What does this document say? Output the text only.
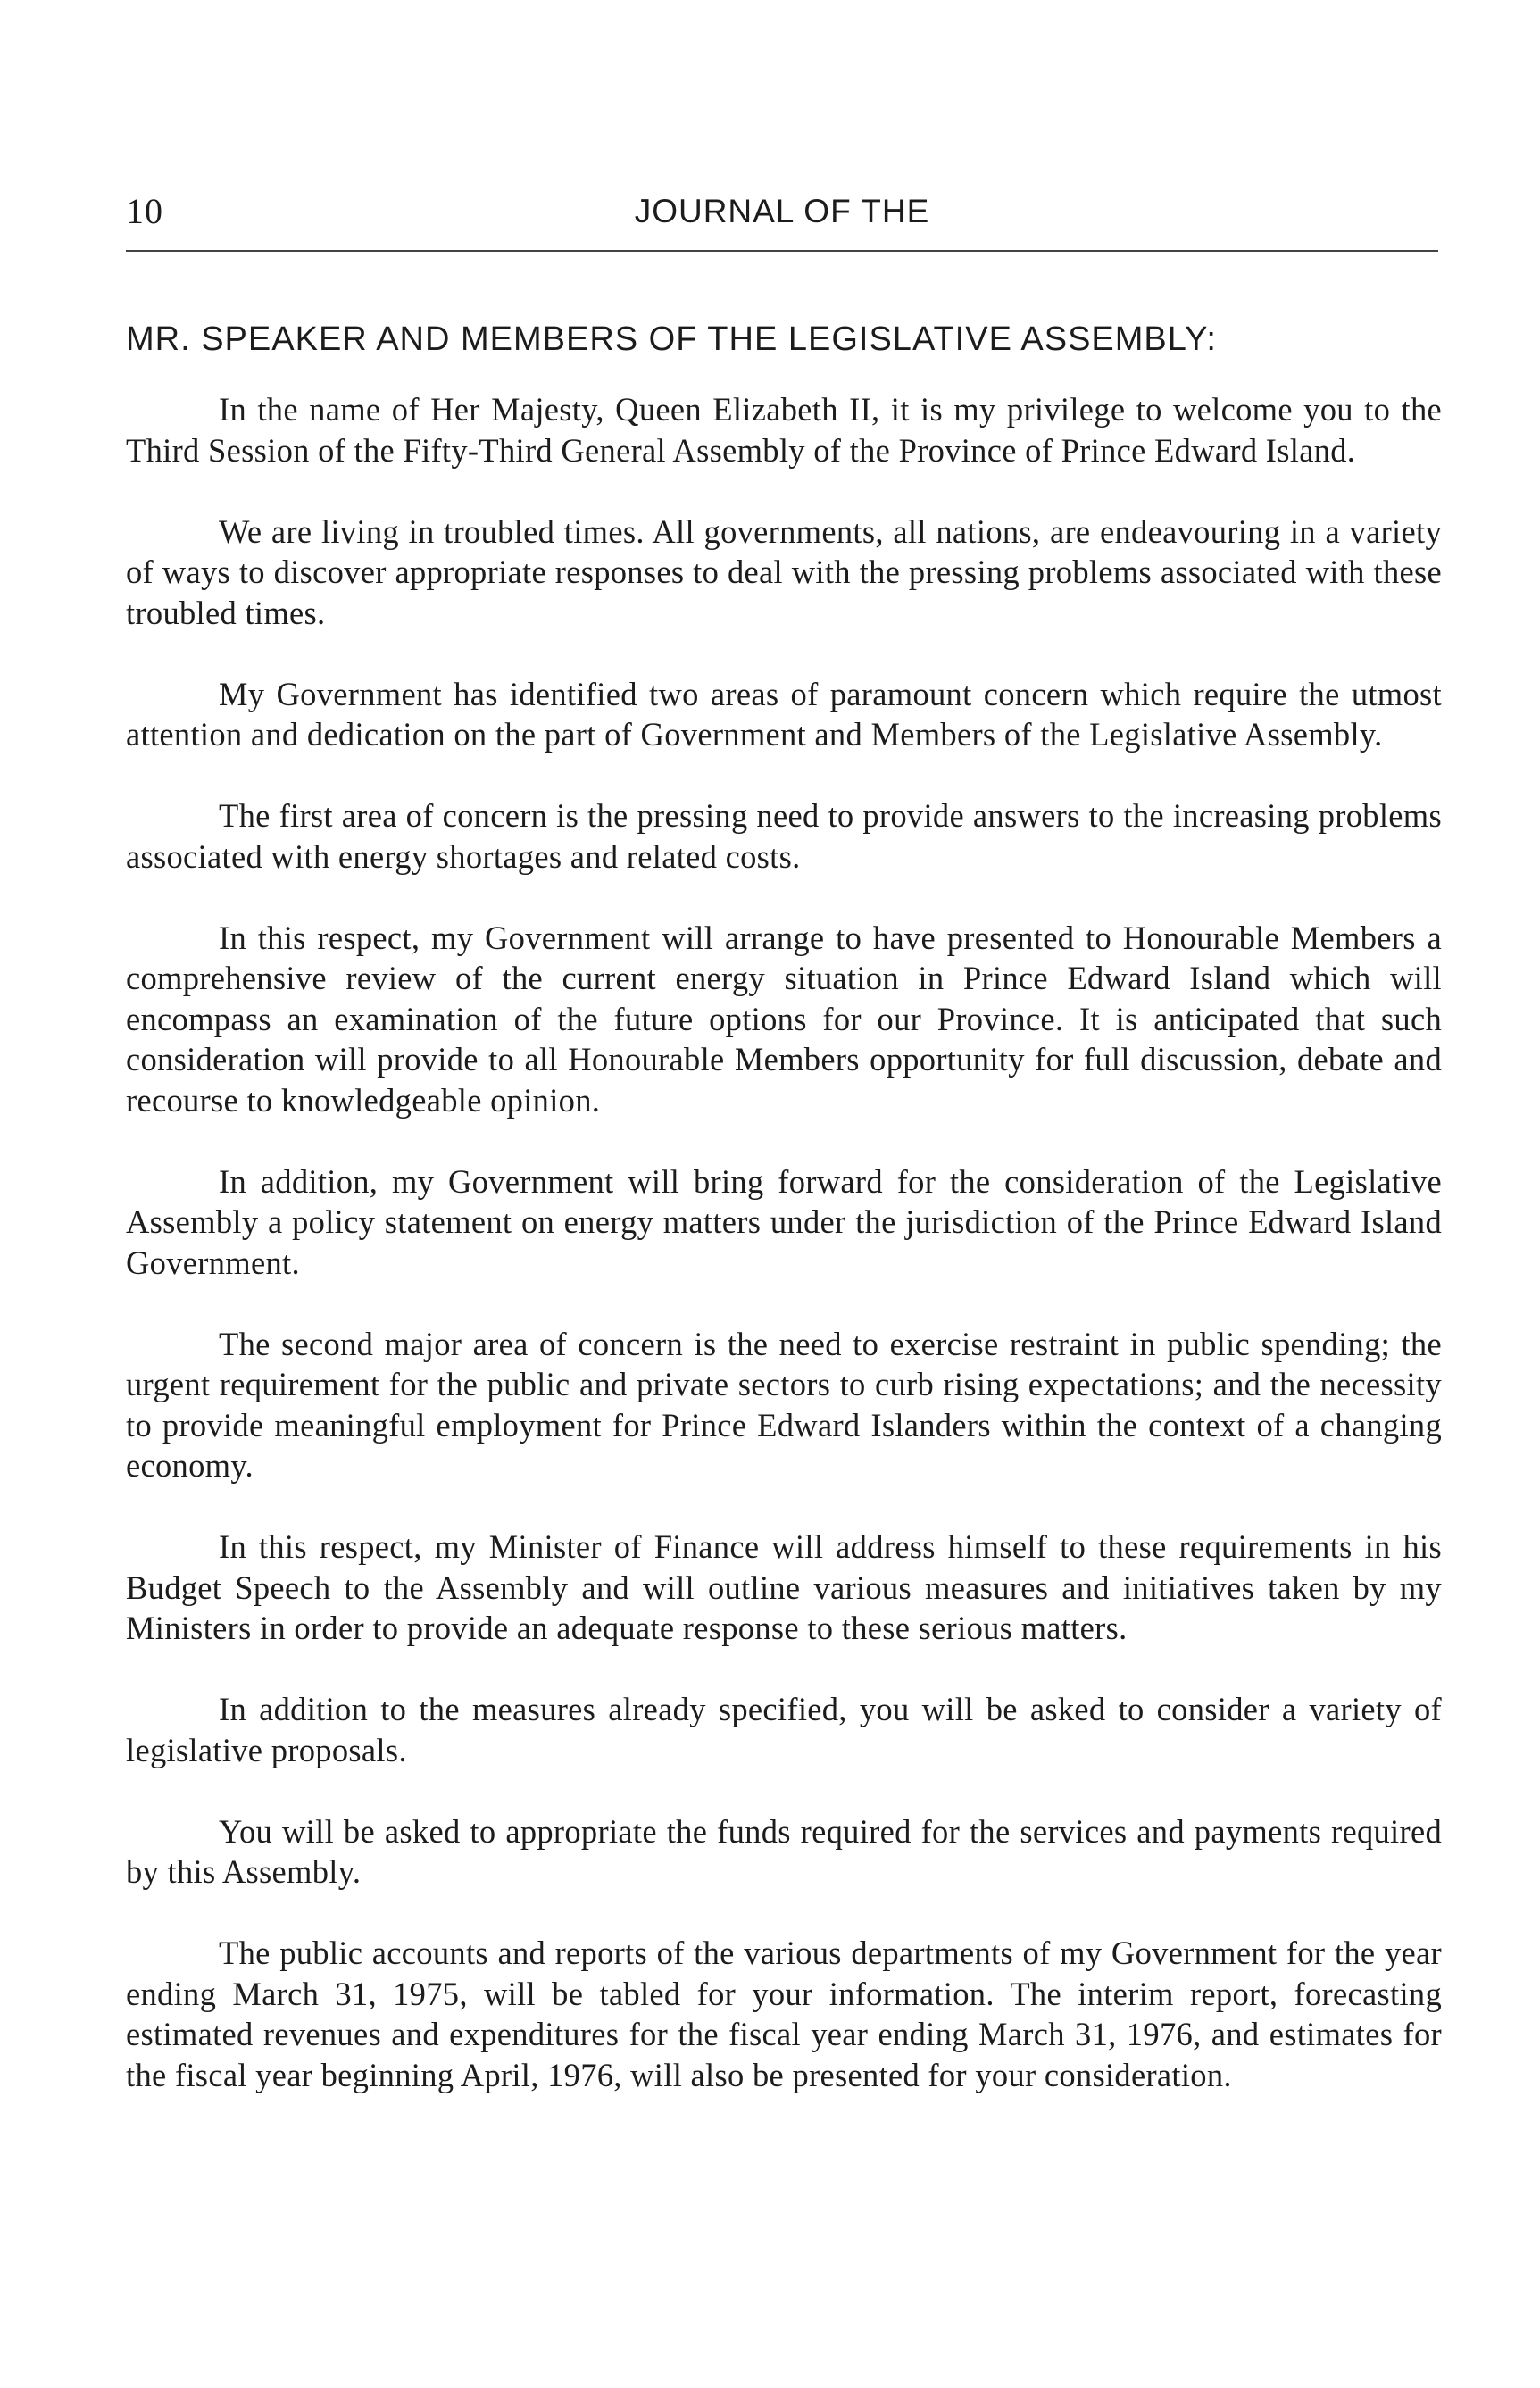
10	JOURNAL OF THE
MR. SPEAKER AND MEMBERS OF THE LEGISLATIVE ASSEMBLY:

In the name of Her Majesty, Queen Elizabeth II, it is my privilege to welcome you to the Third Session of the Fifty-Third General Assembly of the Province of Prince Edward Island.

We are living in troubled times. All governments, all nations, are endeavouring in a variety of ways to discover appropriate responses to deal with the pressing problems associated with these troubled times.

My Government has identified two areas of paramount concern which require the utmost attention and dedication on the part of Government and Members of the Legislative Assembly.

The first area of concern is the pressing need to provide answers to the increasing problems associated with energy shortages and related costs.

In this respect, my Government will arrange to have presented to Honourable Members a comprehensive review of the current energy situation in Prince Edward Island which will encompass an examination of the future options for our Province. It is anticipated that such consideration will provide to all Honourable Members opportunity for full discussion, debate and recourse to knowledgeable opinion.

In addition, my Government will bring forward for the consideration of the Legislative Assembly a policy statement on energy matters under the jurisdiction of the Prince Edward Island Government.

The second major area of concern is the need to exercise restraint in public spending; the urgent requirement for the public and private sectors to curb rising expectations; and the necessity to provide meaningful employment for Prince Edward Islanders within the context of a changing economy.

In this respect, my Minister of Finance will address himself to these requirements in his Budget Speech to the Assembly and will outline various measures and initiatives taken by my Ministers in order to provide an adequate response to these serious matters.

In addition to the measures already specified, you will be asked to consider a variety of legislative proposals.

You will be asked to appropriate the funds required for the services and payments required by this Assembly.

The public accounts and reports of the various departments of my Government for the year ending March 31, 1975, will be tabled for your information. The interim report, forecasting estimated revenues and expenditures for the fiscal year ending March 31, 1976, and estimates for the fiscal year beginning April, 1976, will also be presented for your consideration.
